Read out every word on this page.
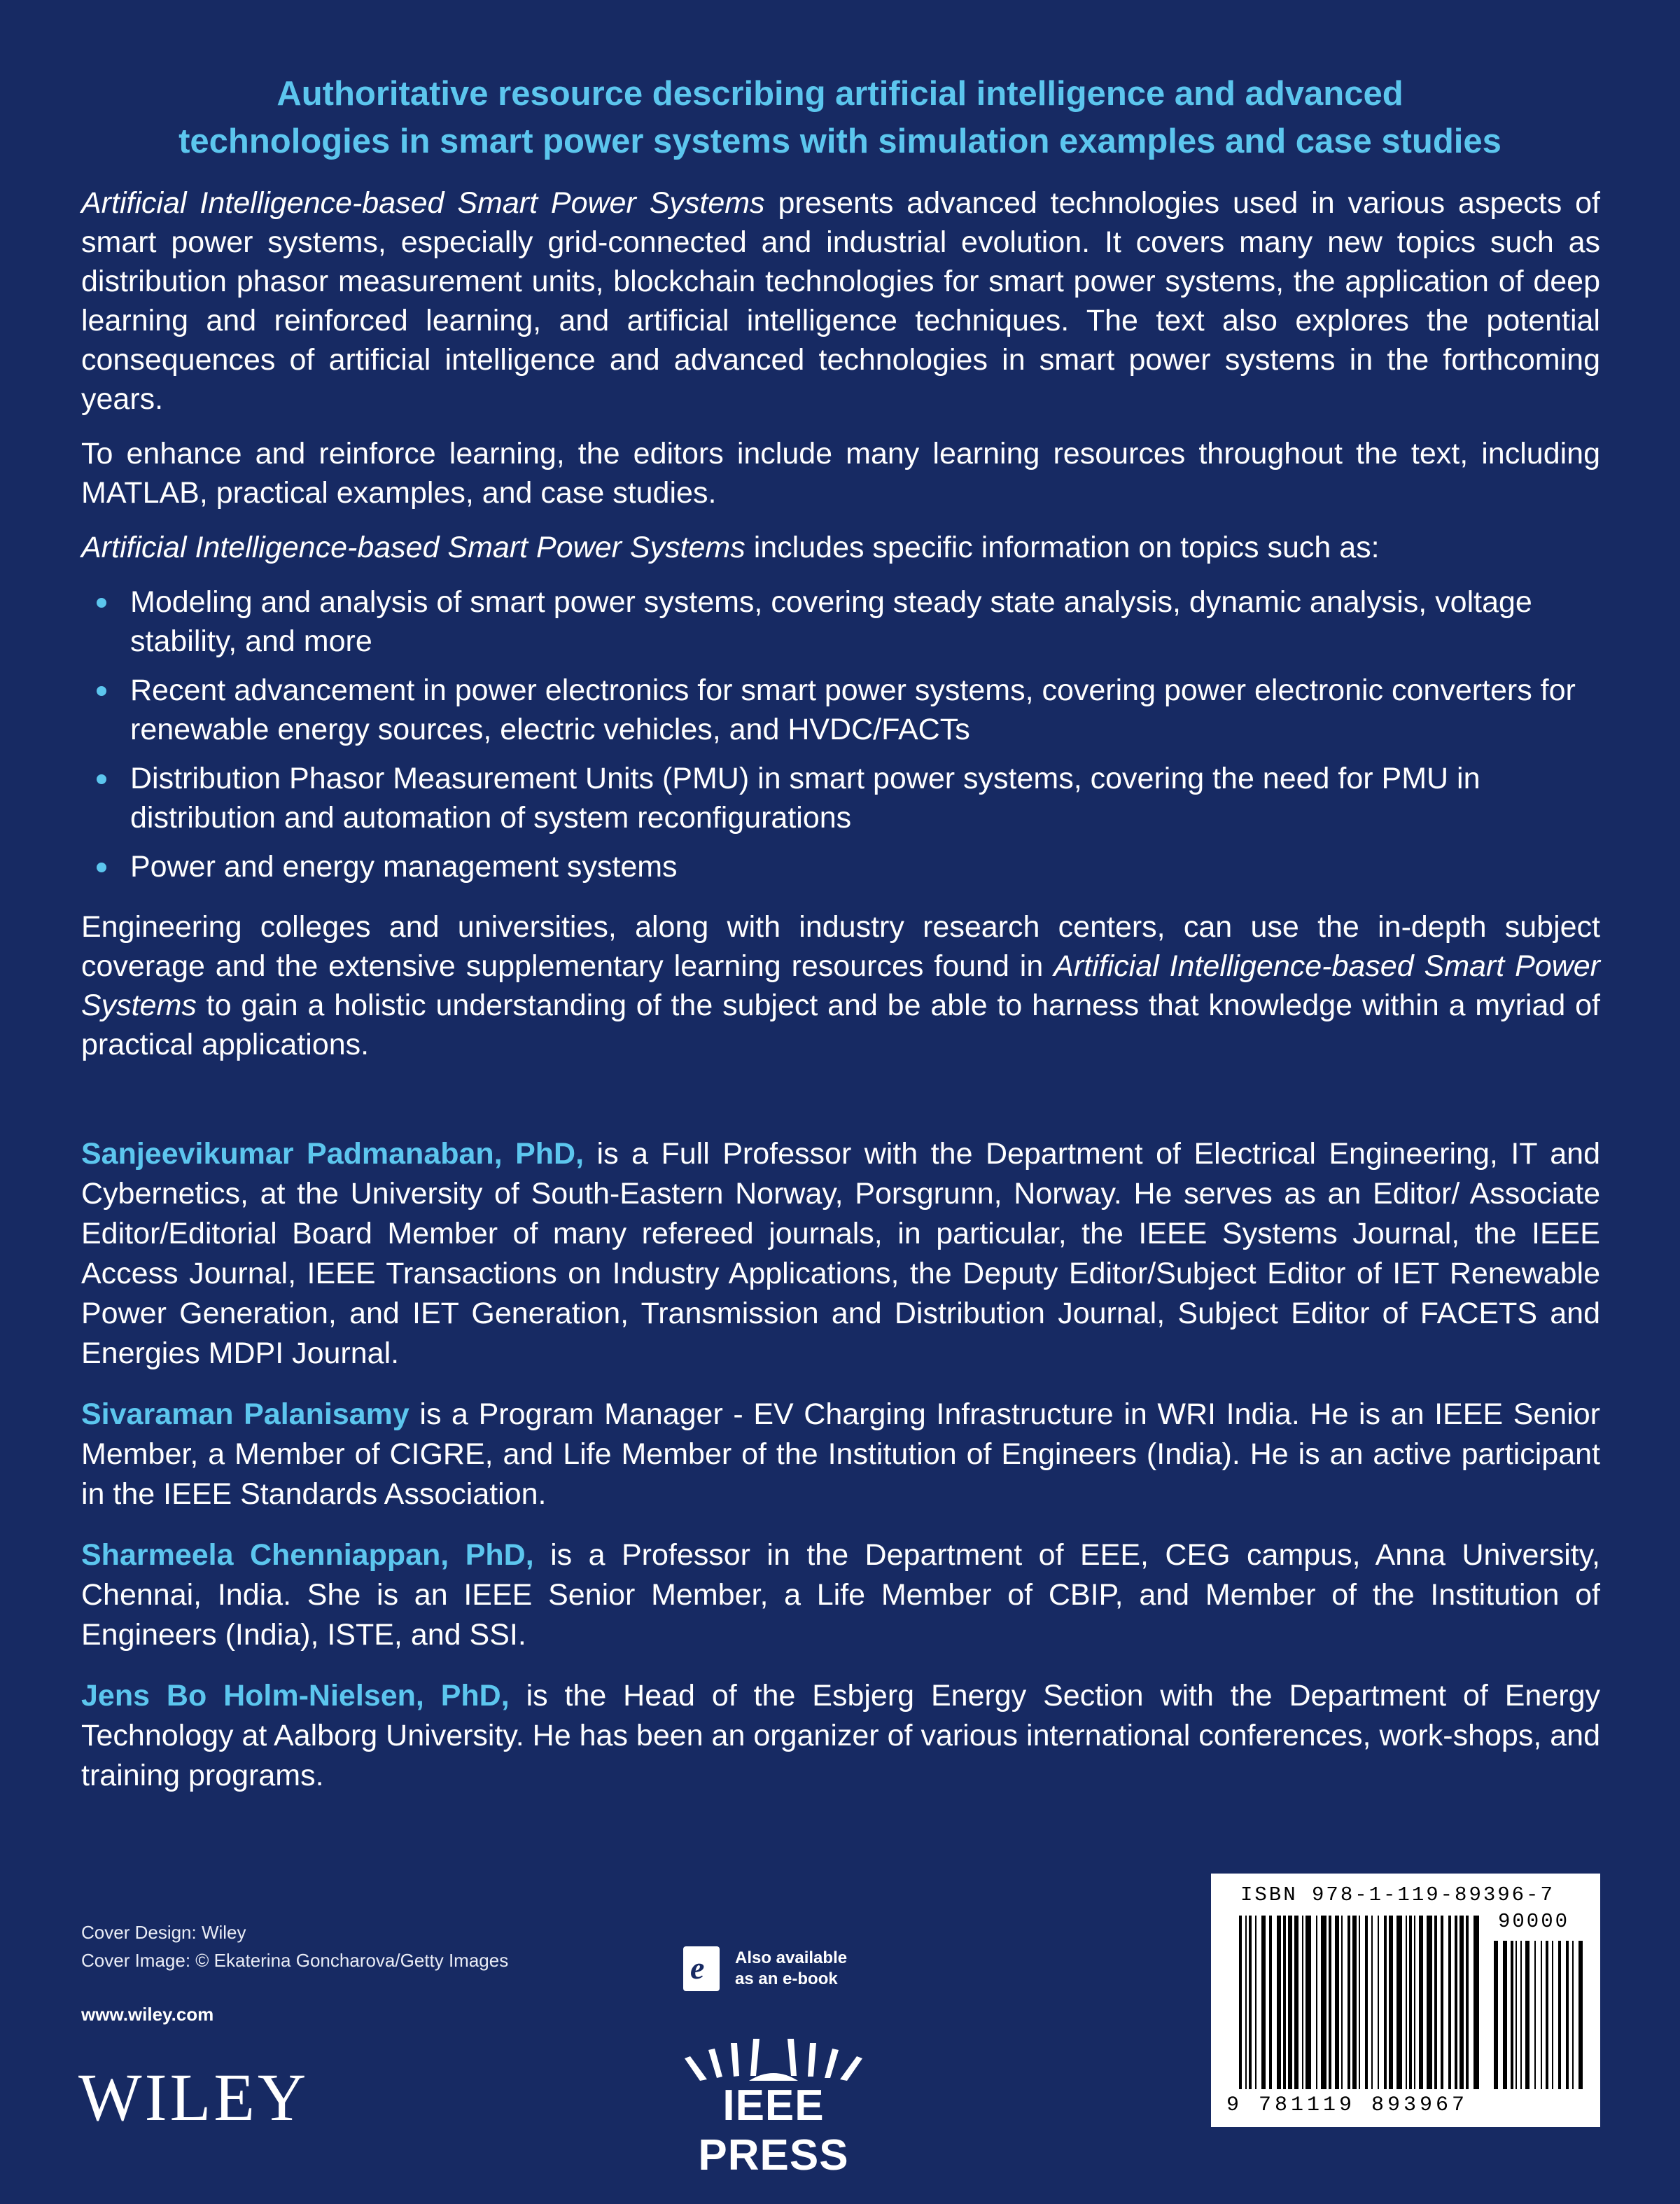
Authoritative resource describing artificial intelligence and advanced
technologies in smart power systems with simulation examples and case studies

Artificial Intelligence-based Smart Power Systems presents advanced technologies used in various aspects of smart power systems, especially grid-connected and industrial evolution. It covers many new topics such as distribution phasor measurement units, blockchain technologies for smart power systems, the application of deep learning and reinforced learning, and artificial intelligence techniques. The text also explores the potential consequences of artificial intelligence and advanced technologies in smart power systems in the forthcoming years.

To enhance and reinforce learning, the editors include many learning resources throughout the text, including MATLAB, practical examples, and case studies.

Artificial Intelligence-based Smart Power Systems includes specific information on topics such as:

Modeling and analysis of smart power systems, covering steady state analysis, dynamic analysis, voltage stability, and more
Recent advancement in power electronics for smart power systems, covering power electronic converters for renewable energy sources, electric vehicles, and HVDC/FACTs
Distribution Phasor Measurement Units (PMU) in smart power systems, covering the need for PMU in distribution and automation of system reconfigurations
Power and energy management systems

Engineering colleges and universities, along with industry research centers, can use the in-depth subject coverage and the extensive supplementary learning resources found in Artificial Intelligence-based Smart Power Systems to gain a holistic understanding of the subject and be able to harness that knowledge within a myriad of practical applications.

Sanjeevikumar Padmanaban, PhD, is a Full Professor with the Department of Electrical Engineering, IT and Cybernetics, at the University of South-Eastern Norway, Porsgrunn, Norway. He serves as an Editor/ Associate Editor/Editorial Board Member of many refereed journals, in particular, the IEEE Systems Journal, the IEEE Access Journal, IEEE Transactions on Industry Applications, the Deputy Editor/Subject Editor of IET Renewable Power Generation, and IET Generation, Transmission and Distribution Journal, Subject Editor of FACETS and Energies MDPI Journal.

Sivaraman Palanisamy is a Program Manager - EV Charging Infrastructure in WRI India. He is an IEEE Senior Member, a Member of CIGRE, and Life Member of the Institution of Engineers (India). He is an active participant in the IEEE Standards Association.

Sharmeela Chenniappan, PhD, is a Professor in the Department of EEE, CEG campus, Anna University, Chennai, India. She is an IEEE Senior Member, a Life Member of CBIP, and Member of the Institution of Engineers (India), ISTE, and SSI.

Jens Bo Holm-Nielsen, PhD, is the Head of the Esbjerg Energy Section with the Department of Energy Technology at Aalborg University. He has been an organizer of various international conferences, work-shops, and training programs.

Cover Design: Wiley
Cover Image: © Ekaterina Goncharova/Getty Images
www.wiley.com
WILEY
e Also available
as an e-book
IEEE PRESS
ISBN 978-1-119-89396-7
90000
9 781119 893967
